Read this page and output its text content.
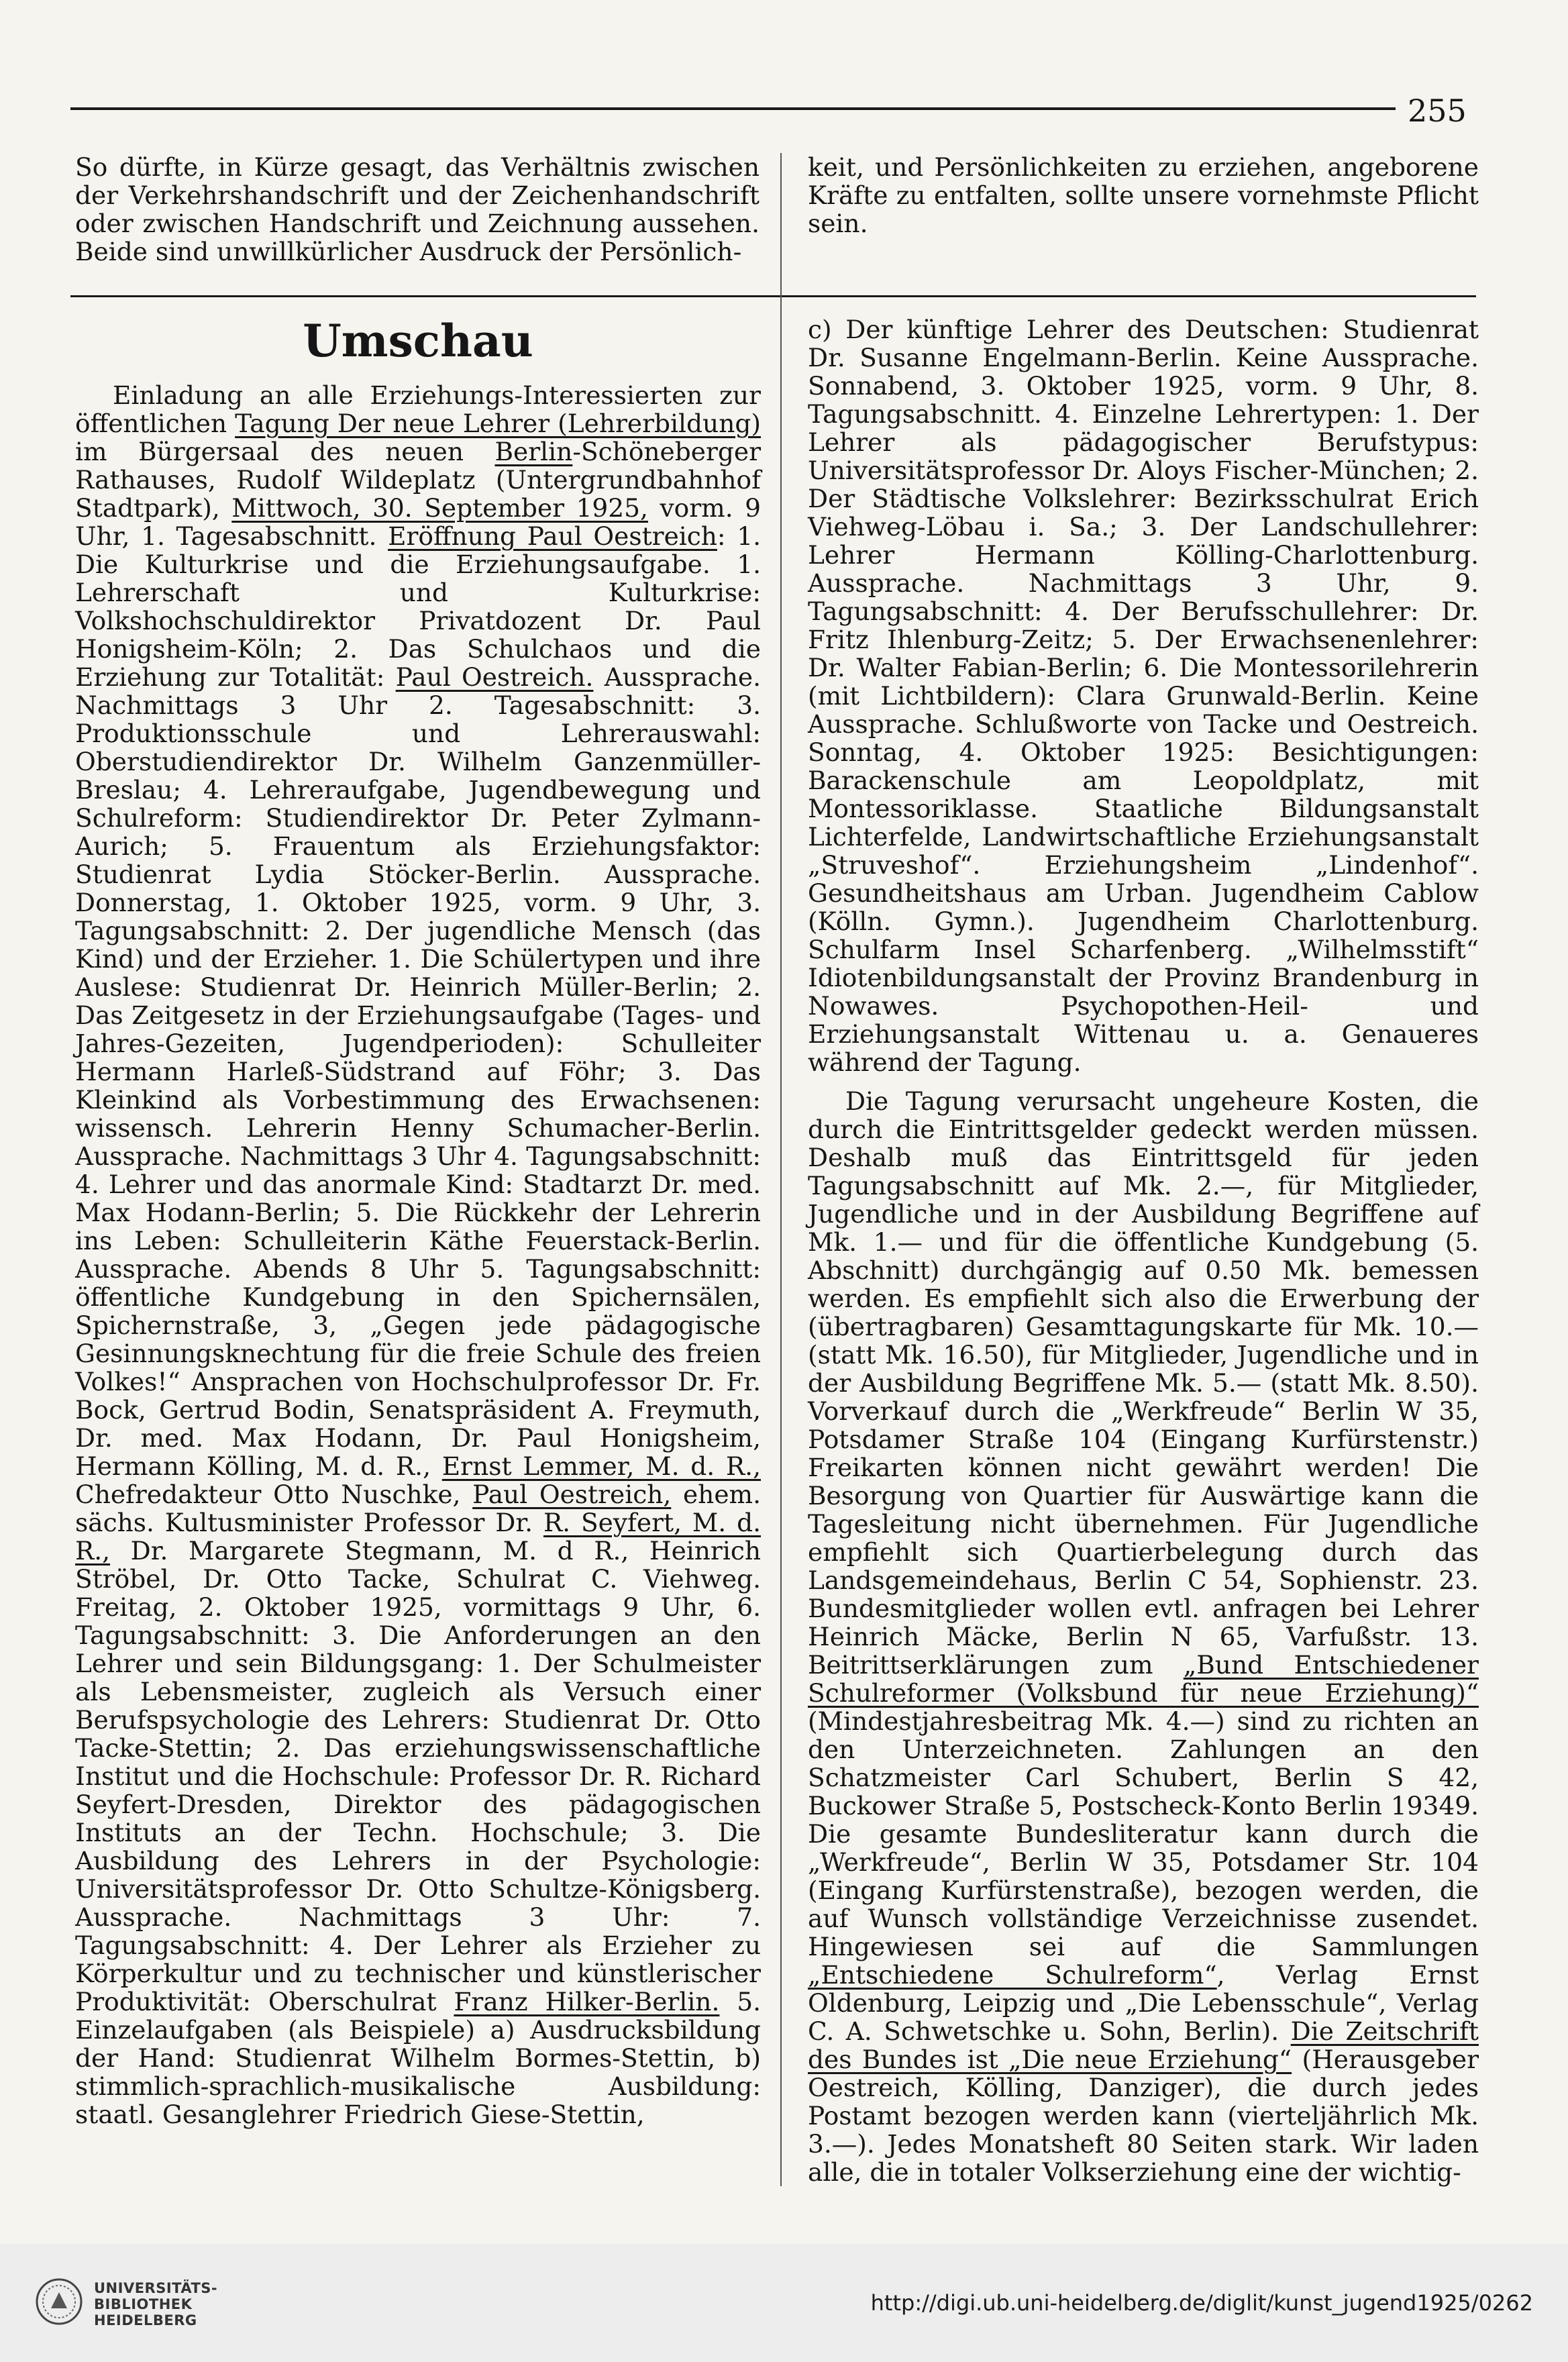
255

So dürfte, in Kürze gesagt, das Verhältnis zwischen der Verkehrshandschrift und der Zeichenhandschrift oder zwischen Handschrift und Zeichnung aussehen. Beide sind unwillkürlicher Ausdruck der Persönlich-

keit, und Persönlichkeiten zu erziehen, angeborene Kräfte zu entfalten, sollte unsere vornehmste Pflicht sein.

Umschau

Einladung an alle Erziehungs-Interessierten zur öffentlichen Tagung Der neue Lehrer (Lehrerbildung) im Bürgersaal des neuen Berlin-Schöneberger Rathauses, Rudolf Wildeplatz (Untergrundbahnhof Stadtpark), Mittwoch, 30. September 1925, vorm. 9 Uhr, 1. Tagesabschnitt. Eröffnung Paul Oestreich: 1. Die Kulturkrise und die Erziehungsaufgabe. 1. Lehrerschaft und Kulturkrise: Volkshochschuldirektor Privatdozent Dr. Paul Honigsheim-Köln; 2. Das Schulchaos und die Erziehung zur Totalität: Paul Oestreich. Aussprache. Nachmittags 3 Uhr 2. Tagesabschnitt: 3. Produktionsschule und Lehrerauswahl: Oberstudiendirektor Dr. Wilhelm Ganzenmüller-Breslau; 4. Lehreraufgabe, Jugendbewegung und Schulreform: Studiendirektor Dr. Peter Zylmann-Aurich; 5. Frauentum als Erziehungsfaktor: Studienrat Lydia Stöcker-Berlin. Aussprache. Donnerstag, 1. Oktober 1925, vorm. 9 Uhr, 3. Tagungsabschnitt: 2. Der jugendliche Mensch (das Kind) und der Erzieher. 1. Die Schülertypen und ihre Auslese: Studienrat Dr. Heinrich Müller-Berlin; 2. Das Zeitgesetz in der Erziehungsaufgabe (Tages- und Jahres-Gezeiten, Jugendperioden): Schulleiter Hermann Harleß-Südstrand auf Föhr; 3. Das Kleinkind als Vorbestimmung des Erwachsenen: wissensch. Lehrerin Henny Schumacher-Berlin. Aussprache. Nachmittags 3 Uhr 4. Tagungsabschnitt: 4. Lehrer und das anormale Kind: Stadtarzt Dr. med. Max Hodann-Berlin; 5. Die Rückkehr der Lehrerin ins Leben: Schulleiterin Käthe Feuerstack-Berlin. Aussprache. Abends 8 Uhr 5. Tagungsabschnitt: öffentliche Kundgebung in den Spichernsälen, Spichernstraße, 3, „Gegen jede pädagogische Gesinnungsknechtung für die freie Schule des freien Volkes!“ Ansprachen von Hochschulprofessor Dr. Fr. Bock, Gertrud Bodin, Senatspräsident A. Freymuth, Dr. med. Max Hodann, Dr. Paul Honigsheim, Hermann Kölling, M. d. R., Ernst Lemmer, M. d. R., Chefredakteur Otto Nuschke, Paul Oestreich, ehem. sächs. Kultusminister Professor Dr. R. Seyfert, M. d. R., Dr. Margarete Stegmann, M. d R., Heinrich Ströbel, Dr. Otto Tacke, Schulrat C. Viehweg. Freitag, 2. Oktober 1925, vormittags 9 Uhr, 6. Tagungsabschnitt: 3. Die Anforderungen an den Lehrer und sein Bildungsgang: 1. Der Schulmeister als Lebensmeister, zugleich als Versuch einer Berufspsychologie des Lehrers: Studienrat Dr. Otto Tacke-Stettin; 2. Das erziehungswissenschaftliche Institut und die Hochschule: Professor Dr. R. Richard Seyfert-Dresden, Direktor des pädagogischen Instituts an der Techn. Hochschule; 3. Die Ausbildung des Lehrers in der Psychologie: Universitätsprofessor Dr. Otto Schultze-Königsberg. Aussprache. Nachmittags 3 Uhr: 7. Tagungsabschnitt: 4. Der Lehrer als Erzieher zu Körperkultur und zu technischer und künstlerischer Produktivität: Oberschulrat Franz Hilker-Berlin. 5. Einzelaufgaben (als Beispiele) a) Ausdrucksbildung der Hand: Studienrat Wilhelm Bormes-Stettin, b) stimmlich-sprachlich-musikalische Ausbildung: staatl. Gesanglehrer Friedrich Giese-Stettin,

c) Der künftige Lehrer des Deutschen: Studienrat Dr. Susanne Engelmann-Berlin. Keine Aussprache. Sonnabend, 3. Oktober 1925, vorm. 9 Uhr, 8. Tagungsabschnitt. 4. Einzelne Lehrertypen: 1. Der Lehrer als pädagogischer Berufstypus: Universitätsprofessor Dr. Aloys Fischer-München; 2. Der Städtische Volkslehrer: Bezirksschulrat Erich Viehweg-Löbau i. Sa.; 3. Der Landschullehrer: Lehrer Hermann Kölling-Charlottenburg. Aussprache. Nachmittags 3 Uhr, 9. Tagungsabschnitt: 4. Der Berufsschullehrer: Dr. Fritz Ihlenburg-Zeitz; 5. Der Erwachsenenlehrer: Dr. Walter Fabian-Berlin; 6. Die Montessorilehrerin (mit Lichtbildern): Clara Grunwald-Berlin. Keine Aussprache. Schlußworte von Tacke und Oestreich. Sonntag, 4. Oktober 1925: Besichtigungen: Barackenschule am Leopoldplatz, mit Montessoriklasse. Staatliche Bildungsanstalt Lichterfelde, Landwirtschaftliche Erziehungsanstalt „Struveshof“. Erziehungsheim „Lindenhof“. Gesundheitshaus am Urban. Jugendheim Cablow (Kölln. Gymn.). Jugendheim Charlottenburg. Schulfarm Insel Scharfenberg. „Wilhelmsstift“ Idiotenbildungsanstalt der Provinz Brandenburg in Nowawes. Psychopothen-Heil- und Erziehungsanstalt Wittenau u. a. Genaueres während der Tagung.

Die Tagung verursacht ungeheure Kosten, die durch die Eintrittsgelder gedeckt werden müssen. Deshalb muß das Eintrittsgeld für jeden Tagungsabschnitt auf Mk. 2.—, für Mitglieder, Jugendliche und in der Ausbildung Begriffene auf Mk. 1.— und für die öffentliche Kundgebung (5. Abschnitt) durchgängig auf 0.50 Mk. bemessen werden. Es empfiehlt sich also die Erwerbung der (übertragbaren) Gesamttagungskarte für Mk. 10.— (statt Mk. 16.50), für Mitglieder, Jugendliche und in der Ausbildung Begriffene Mk. 5.— (statt Mk. 8.50). Vorverkauf durch die „Werkfreude“ Berlin W 35, Potsdamer Straße 104 (Eingang Kurfürstenstr.) Freikarten können nicht gewährt werden! Die Besorgung von Quartier für Auswärtige kann die Tagesleitung nicht übernehmen. Für Jugendliche empfiehlt sich Quartierbelegung durch das Landsgemeindehaus, Berlin C 54, Sophienstr. 23. Bundesmitglieder wollen evtl. anfragen bei Lehrer Heinrich Mäcke, Berlin N 65, Varfußstr. 13. Beitrittserklärungen zum „Bund Entschiedener Schulreformer (Volksbund für neue Erziehung)“ (Mindestjahresbeitrag Mk. 4.—) sind zu richten an den Unterzeichneten. Zahlungen an den Schatzmeister Carl Schubert, Berlin S 42, Buckower Straße 5, Postscheck-Konto Berlin 19349. Die gesamte Bundesliteratur kann durch die „Werkfreude“, Berlin W 35, Potsdamer Str. 104 (Eingang Kurfürstenstraße), bezogen werden, die auf Wunsch vollständige Verzeichnisse zusendet. Hingewiesen sei auf die Sammlungen „Entschiedene Schulreform“, Verlag Ernst Oldenburg, Leipzig und „Die Lebensschule“, Verlag C. A. Schwetschke u. Sohn, Berlin). Die Zeitschrift des Bundes ist „Die neue Erziehung“ (Herausgeber Oestreich, Kölling, Danziger), die durch jedes Postamt bezogen werden kann (vierteljährlich Mk. 3.—). Jedes Monatsheft 80 Seiten stark. Wir laden alle, die in totaler Volkserziehung eine der wichtig-

UNIVERSITÄTS-
BIBLIOTHEK
HEIDELBERG
http://digi.ub.uni-heidelberg.de/diglit/kunst_jugend1925/0262
